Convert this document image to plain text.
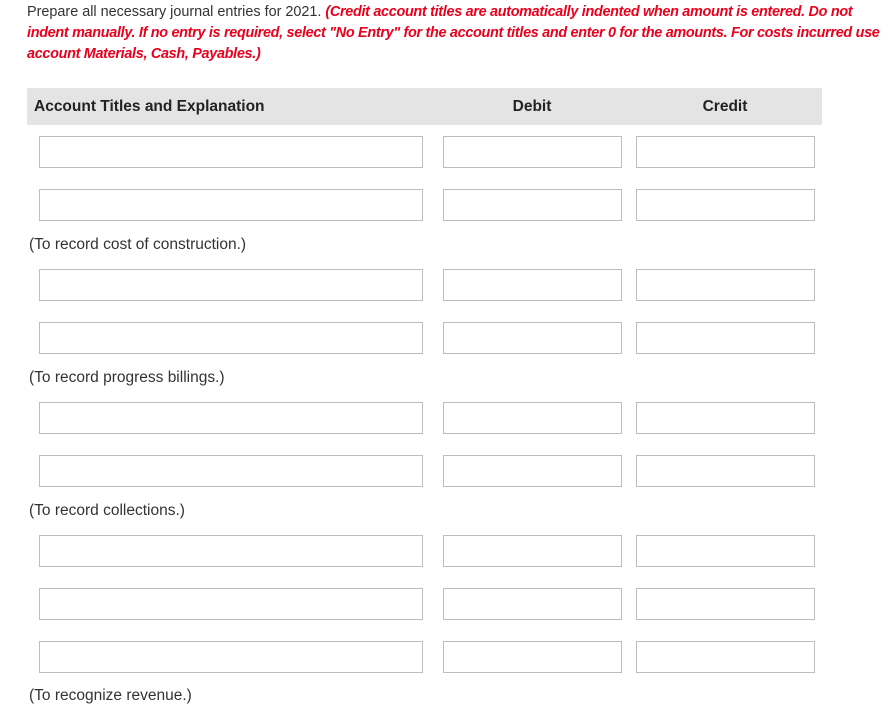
Prepare all necessary journal entries for 2021. (Credit account titles are automatically indented when amount is entered. Do not indent manually. If no entry is required, select "No Entry" for the account titles and enter 0 for the amounts. For costs incurred use account Materials, Cash, Payables.)
Account Titles and Explanation	Debit	Credit
(To record cost of construction.)
(To record progress billings.)
(To record collections.)
(To recognize revenue.)
